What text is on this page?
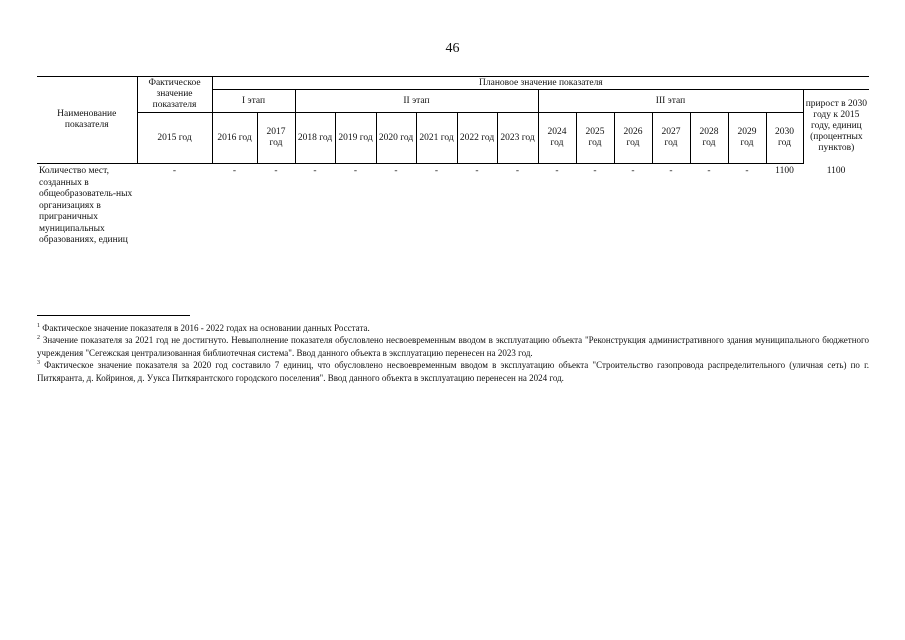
46
Наименование показателя	Фактическое значение показателя	Плановое значение показателя															
		I этап		II этап						III этап							прирост в 2030 году к 2015 году, единиц (процентных пунктов)
	2015 год	2016 год	2017 год	2018 год	2019 год	2020 год	2021 год	2022 год	2023 год	2024 год	2025 год	2026 год	2027 год	2028 год	2029 год	2030 год	
Количество мест, созданных в общеобразователь-ных организациях в приграничных муниципальных образованиях, единиц	-	-	-	-	-	-	-	-	-	-	-	-	-	-	-	1100	1100

$^1$ Фактическое значение показателя в 2016 - 2022 годах на основании данных Росстата.

$^2$ Значение показателя за 2021 год не достигнуто. Невыполнение показателя обусловлено несвоевременным вводом в эксплуатацию объекта "Реконструкция административного здания муниципального бюджетного учреждения "Сегежская централизованная библиотечная система". Ввод данного объекта в эксплуатацию перенесен на 2023 год.

$^3$ Фактическое значение показателя за 2020 год составило 7 единиц, что обусловлено несвоевременным вводом в эксплуатацию объекта "Строительство газопровода распределительного (уличная сеть) по г. Питкяранта, д. Койриноя, д. Ууксa Питкярантского городского поселения". Ввод данного объекта в эксплуатацию перенесен на 2024 год.
